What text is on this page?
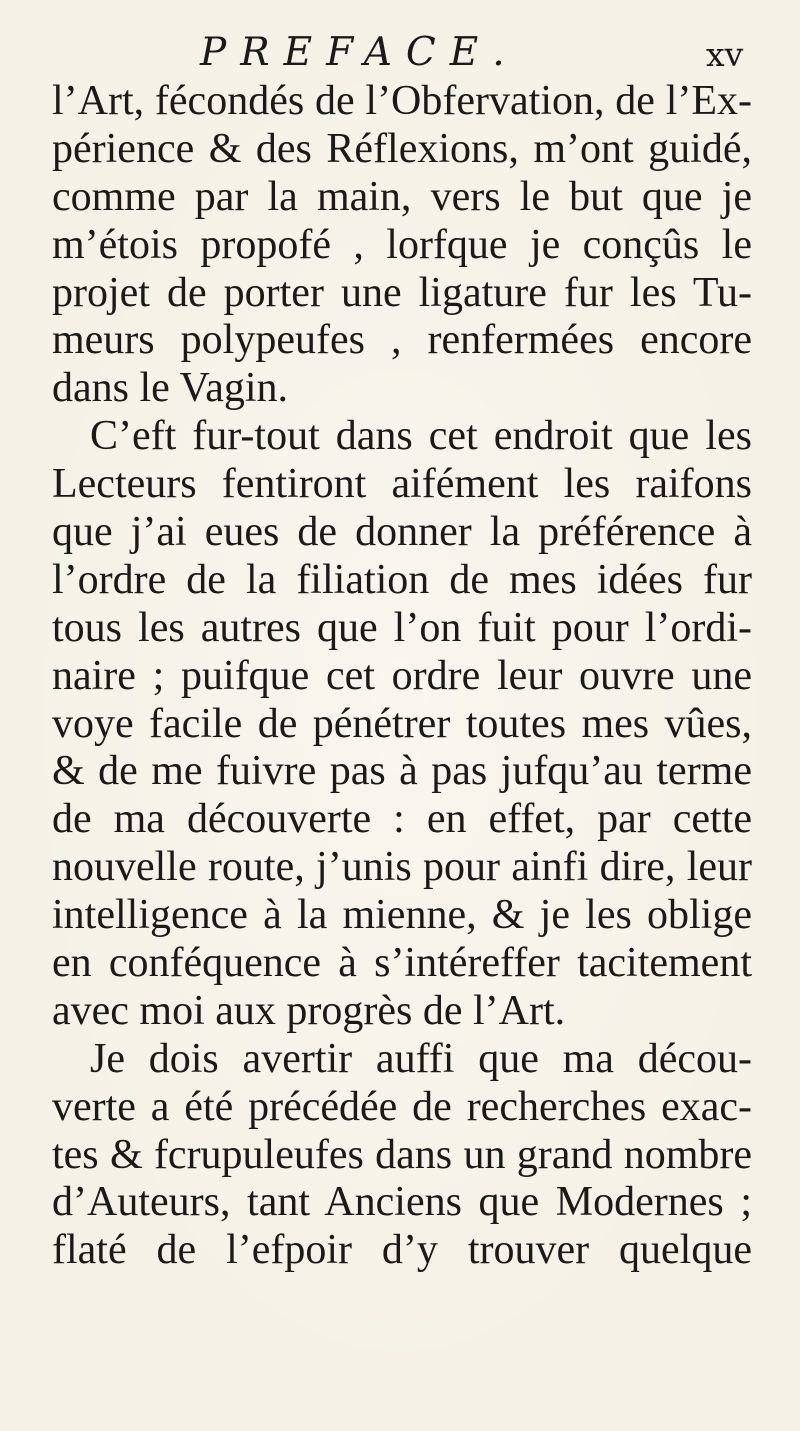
PREFACE.	xv
l’Art, fécondés de l’Obfervation, de l’Ex-
périence & des Réflexions, m’ont guidé,
comme par la main, vers le but que je
m’étois propofé , lorfque je conçûs le
projet de porter une ligature fur les Tu-
meurs polypeufes , renfermées encore
dans le Vagin.
C’eft fur-tout dans cet endroit que les
Lecteurs fentiront aifément les raifons
que j’ai eues de donner la préférence à
l’ordre de la filiation de mes idées fur
tous les autres que l’on fuit pour l’ordi-
naire ; puifque cet ordre leur ouvre une
voye facile de pénétrer toutes mes vûes,
& de me fuivre pas à pas jufqu’au terme
de ma découverte : en effet, par cette
nouvelle route, j’unis pour ainfi dire, leur
intelligence à la mienne, & je les oblige
en conféquence à s’intéreffer tacitement
avec moi aux progrès de l’Art.
Je dois avertir auffi que ma décou-
verte a été précédée de recherches exac-
tes & fcrupuleufes dans un grand nombre
d’Auteurs, tant Anciens que Modernes ;
flaté de l’efpoir d’y trouver quelque
